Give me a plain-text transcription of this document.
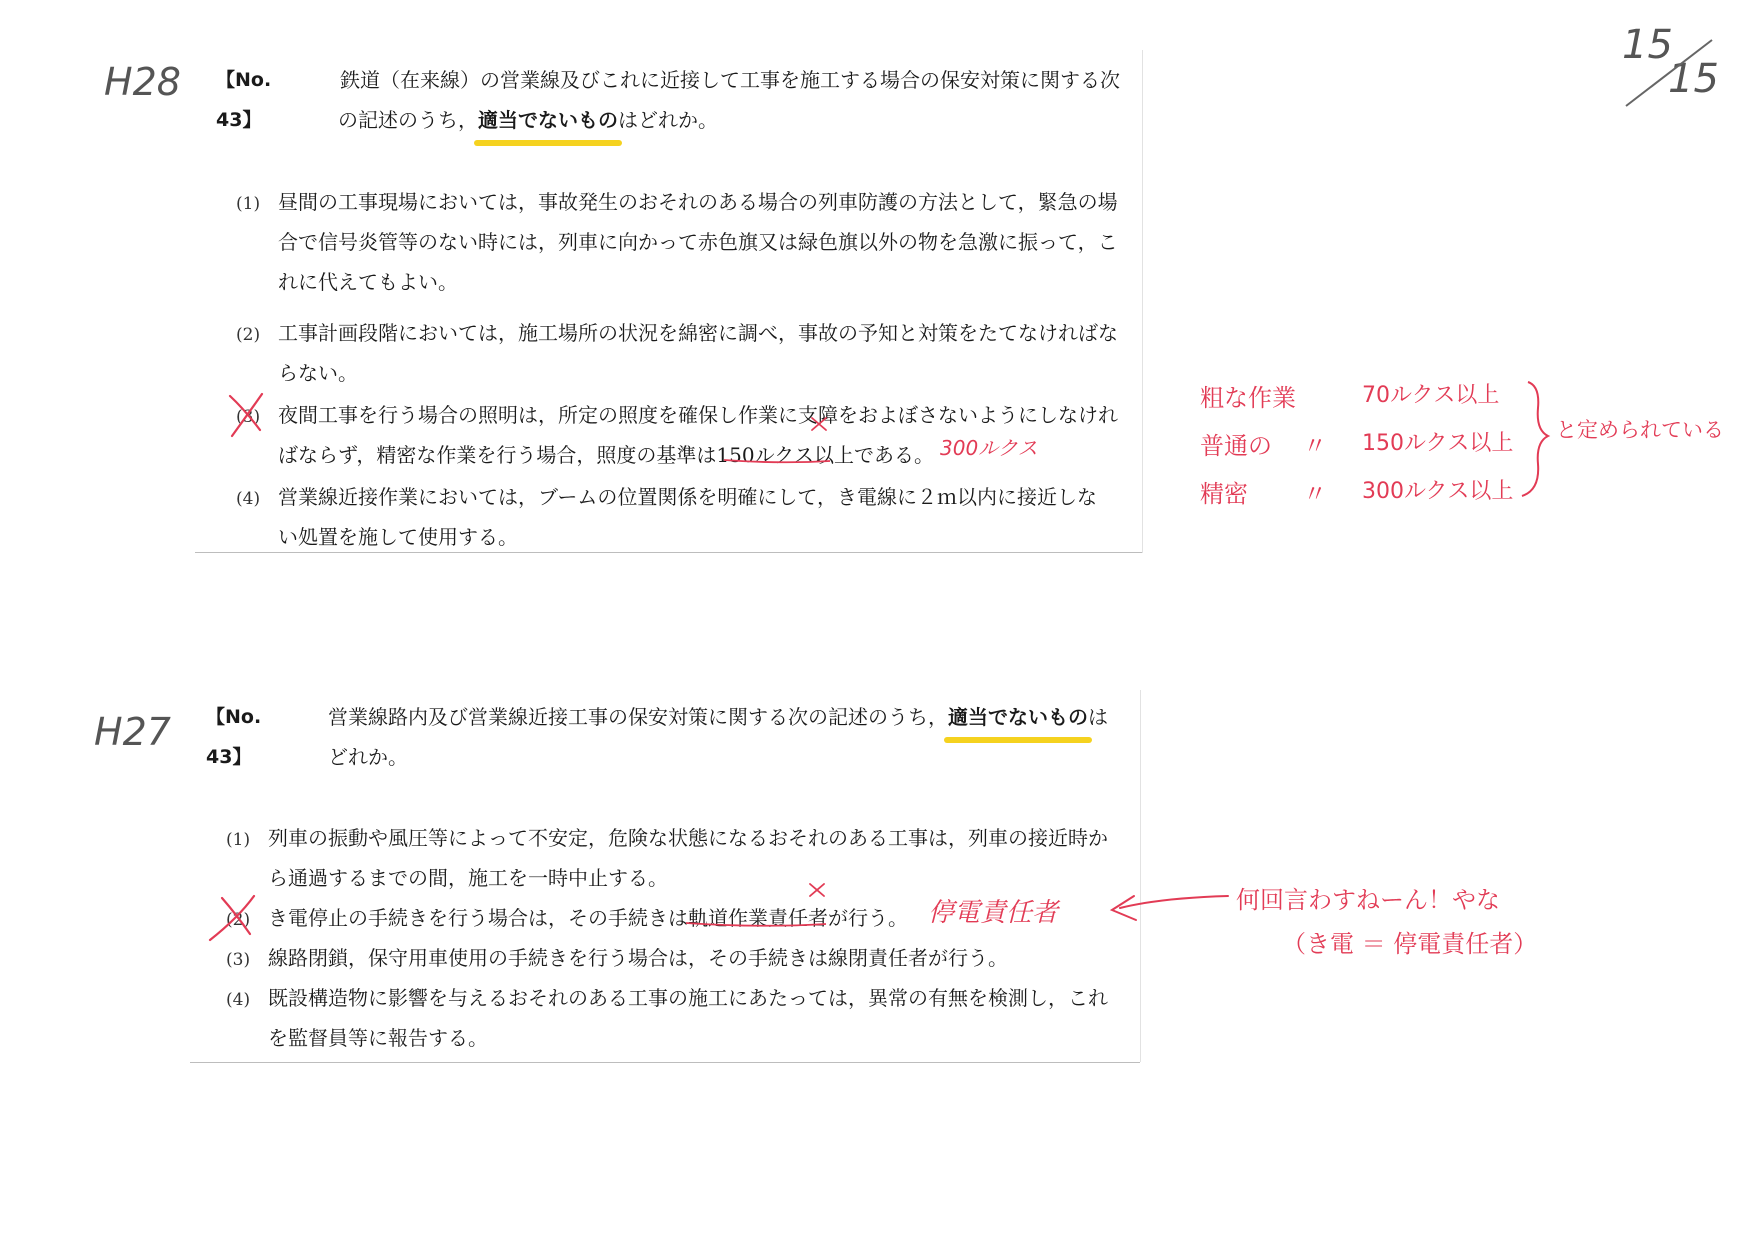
15
15
H28 【No.　43】
鉄道（在来線）の営業線及びこれに近接して工事を施工する場合の保安対策に関する次
の記述のうち，適当でないものはどれか。
(1) 昼間の工事現場においては，事故発生のおそれのある場合の列車防護の方法として，緊急の場
合で信号炎管等のない時には，列車に向かって赤色旗又は緑色旗以外の物を急激に振って，こ
れに代えてもよい。
(2) 工事計画段階においては，施工場所の状況を綿密に調べ，事故の予知と対策をたてなければな
らない。
(3) 夜間工事を行う場合の照明は，所定の照度を確保し作業に支障をおよぼさないようにしなけれ
ばならず，精密な作業を行う場合，照度の基準は150ルクス以上である。
(4) 営業線近接作業においては，ブームの位置関係を明確にして，き電線に２ｍ以内に接近しな
い処置を施して使用する。
300ルクス
粗な作業	70ルクス以上
普通の 〃 150ルクス以上
精密 〃 300ルクス以上
と定められている
H27 【No.　43】
営業線路内及び営業線近接工事の保安対策に関する次の記述のうち，適当でないものは
どれか。
(1) 列車の振動や風圧等によって不安定，危険な状態になるおそれのある工事は，列車の接近時か
ら通過するまでの間，施工を一時中止する。
(2) き電停止の手続きを行う場合は，その手続きは軌道作業責任者が行う。
(3) 線路閉鎖，保守用車使用の手続きを行う場合は，その手続きは線閉責任者が行う。
(4) 既設構造物に影響を与えるおそれのある工事の施工にあたっては，異常の有無を検測し，これ
を監督員等に報告する。
停電責任者	何回言わすねーん！やな
（き電 ＝ 停電責任者）
